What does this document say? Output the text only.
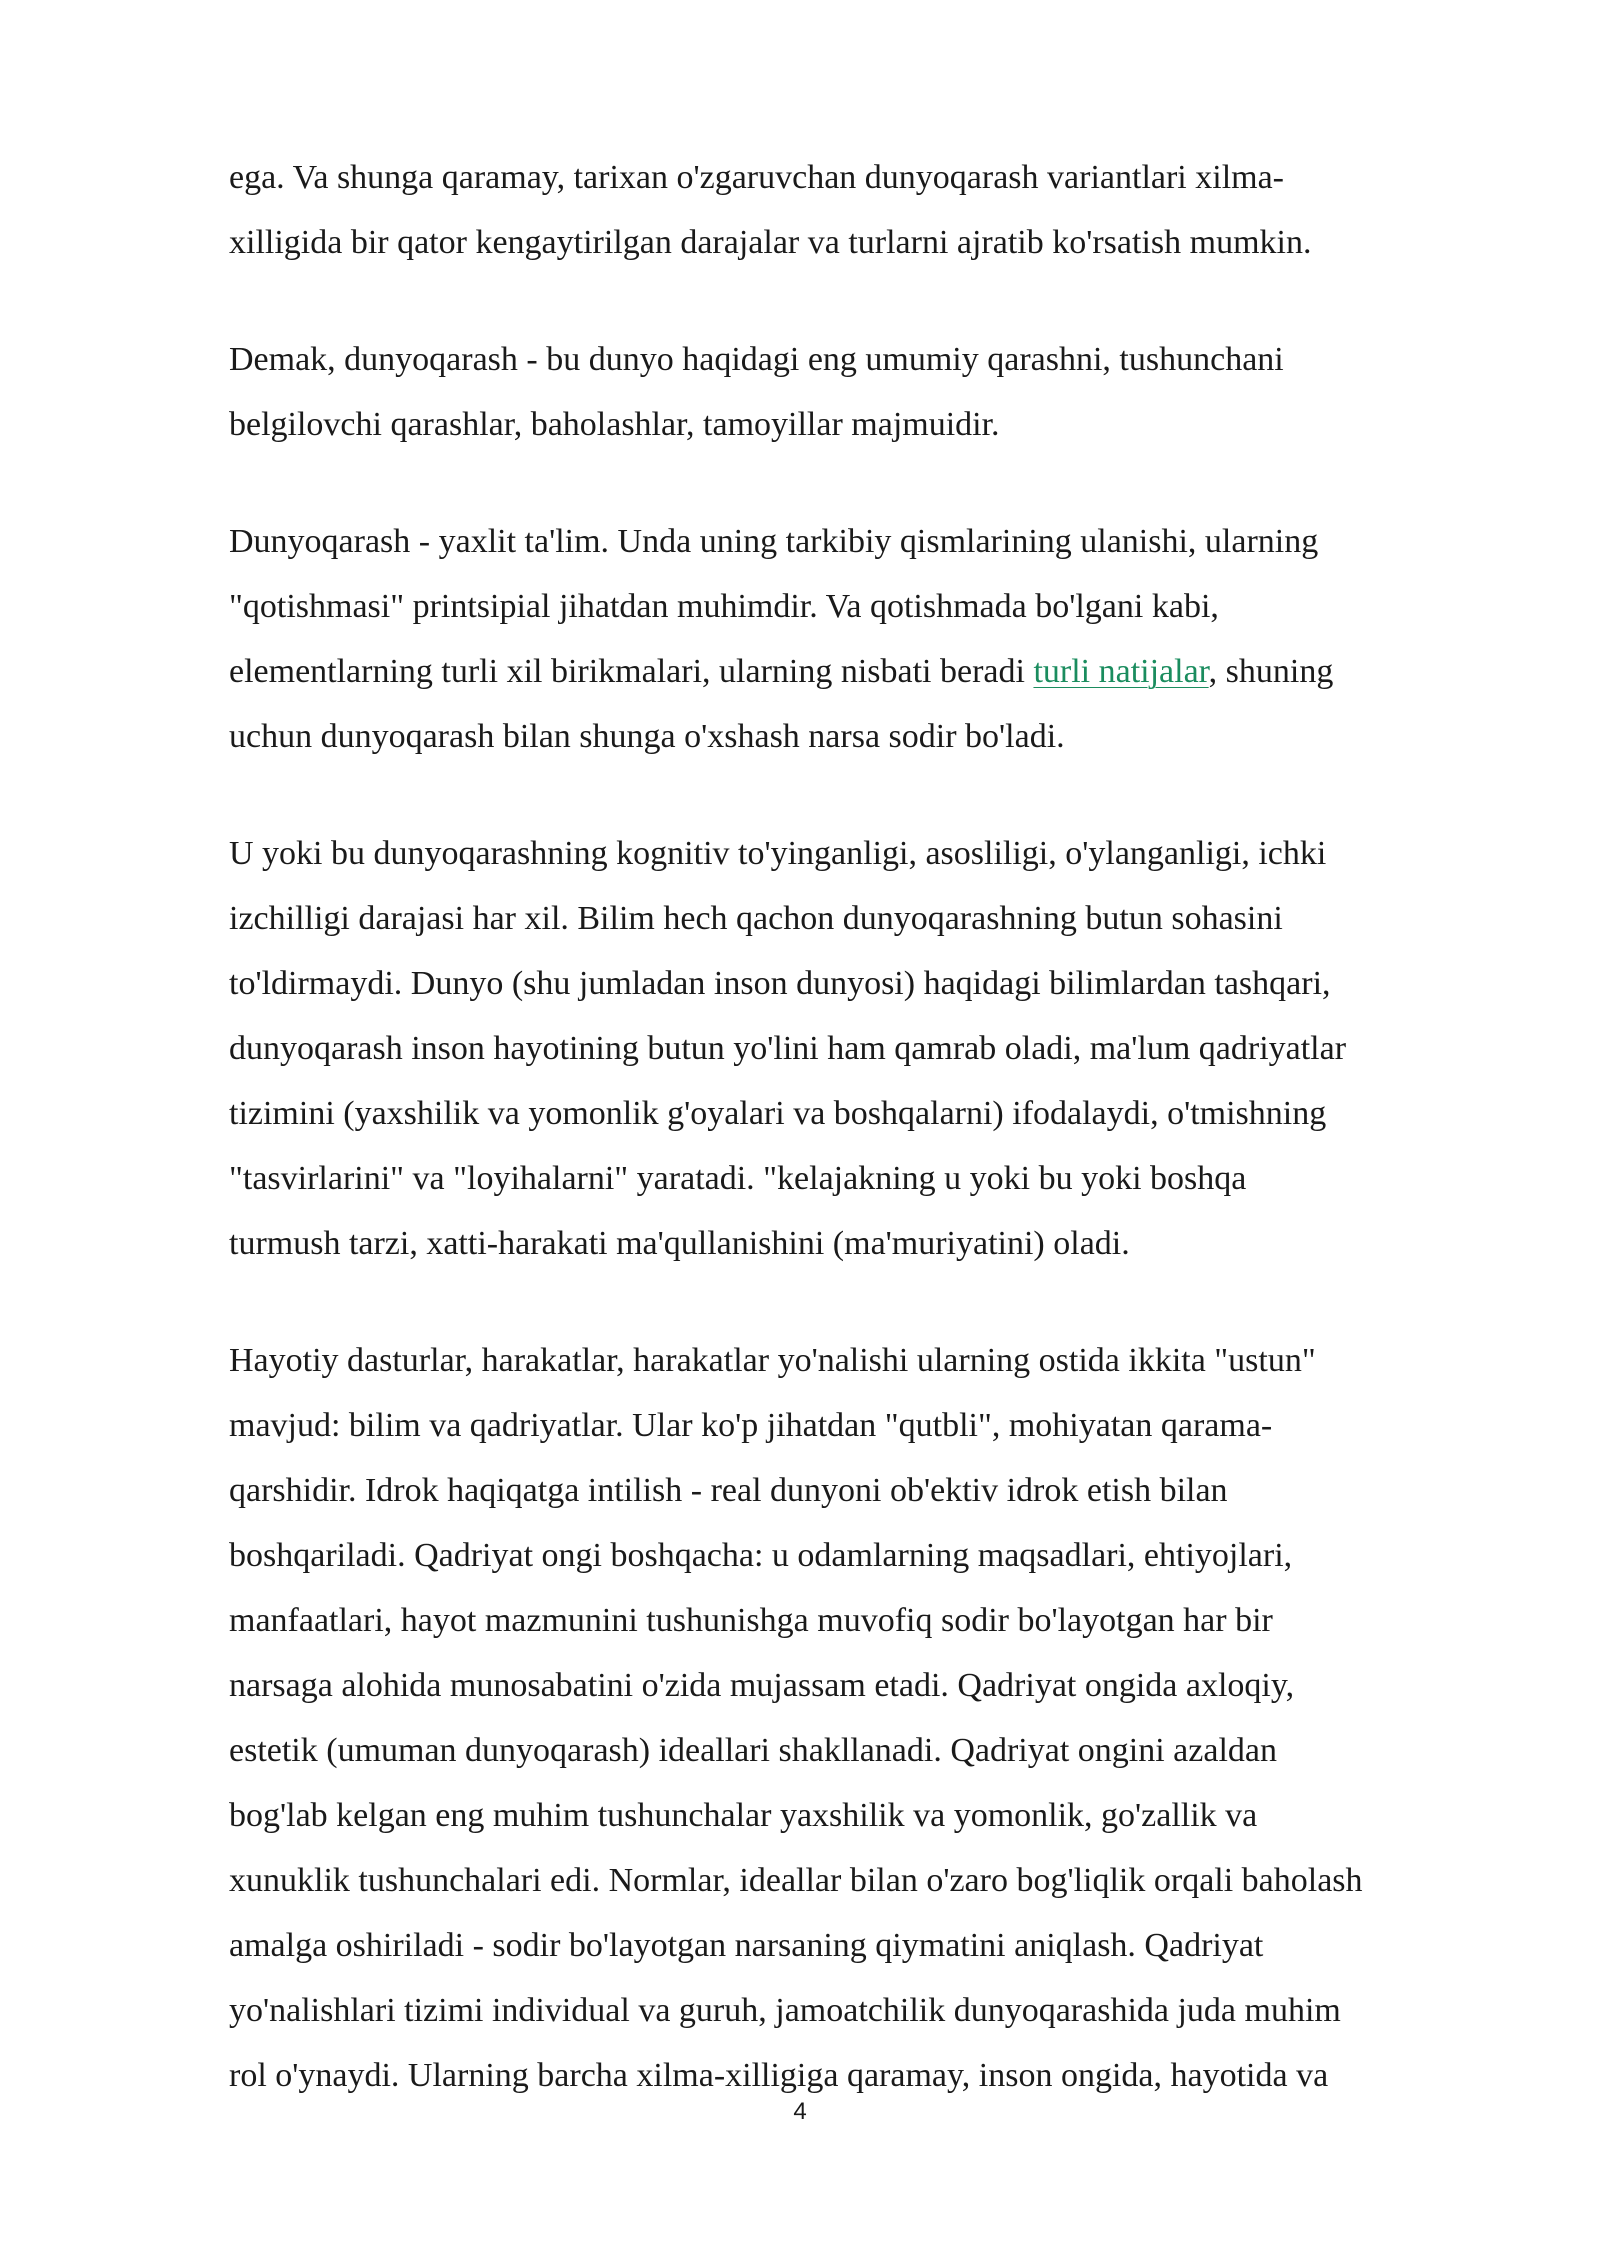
ega. Va shunga qaramay, tarixan o'zgaruvchan dunyoqarash variantlari xilma-
xilligida bir qator kengaytirilgan darajalar va turlarni ajratib ko'rsatish mumkin.

Demak, dunyoqarash - bu dunyo haqidagi eng umumiy qarashni, tushunchani
belgilovchi qarashlar, baholashlar, tamoyillar majmuidir.

Dunyoqarash - yaxlit ta'lim. Unda uning tarkibiy qismlarining ulanishi, ularning
"qotishmasi" printsipial jihatdan muhimdir. Va qotishmada bo'lgani kabi,
elementlarning turli xil birikmalari, ularning nisbati beradi turli natijalar, shuning
uchun dunyoqarash bilan shunga o'xshash narsa sodir bo'ladi.

U yoki bu dunyoqarashning kognitiv to'yinganligi, asosliligi, o'ylanganligi, ichki
izchilligi darajasi har xil. Bilim hech qachon dunyoqarashning butun sohasini
to'ldirmaydi. Dunyo (shu jumladan inson dunyosi) haqidagi bilimlardan tashqari,
dunyoqarash inson hayotining butun yo'lini ham qamrab oladi, ma'lum qadriyatlar
tizimini (yaxshilik va yomonlik g'oyalari va boshqalarni) ifodalaydi, o'tmishning
"tasvirlarini" va "loyihalarni" yaratadi. "kelajakning u yoki bu yoki boshqa
turmush tarzi, xatti-harakati ma'qullanishini (ma'muriyatini) oladi.

Hayotiy dasturlar, harakatlar, harakatlar yo'nalishi ularning ostida ikkita "ustun"
mavjud: bilim va qadriyatlar. Ular ko'p jihatdan "qutbli", mohiyatan qarama-
qarshidir. Idrok haqiqatga intilish - real dunyoni ob'ektiv idrok etish bilan
boshqariladi. Qadriyat ongi boshqacha: u odamlarning maqsadlari, ehtiyojlari,
manfaatlari, hayot mazmunini tushunishga muvofiq sodir bo'layotgan har bir
narsaga alohida munosabatini o'zida mujassam etadi. Qadriyat ongida axloqiy,
estetik (umuman dunyoqarash) ideallari shakllanadi. Qadriyat ongini azaldan
bog'lab kelgan eng muhim tushunchalar yaxshilik va yomonlik, go'zallik va
xunuklik tushunchalari edi. Normlar, ideallar bilan o'zaro bog'liqlik orqali baholash
amalga oshiriladi - sodir bo'layotgan narsaning qiymatini aniqlash. Qadriyat
yo'nalishlari tizimi individual va guruh, jamoatchilik dunyoqarashida juda muhim
rol o'ynaydi. Ularning barcha xilma-xilligiga qaramay, inson ongida, hayotida va

4
